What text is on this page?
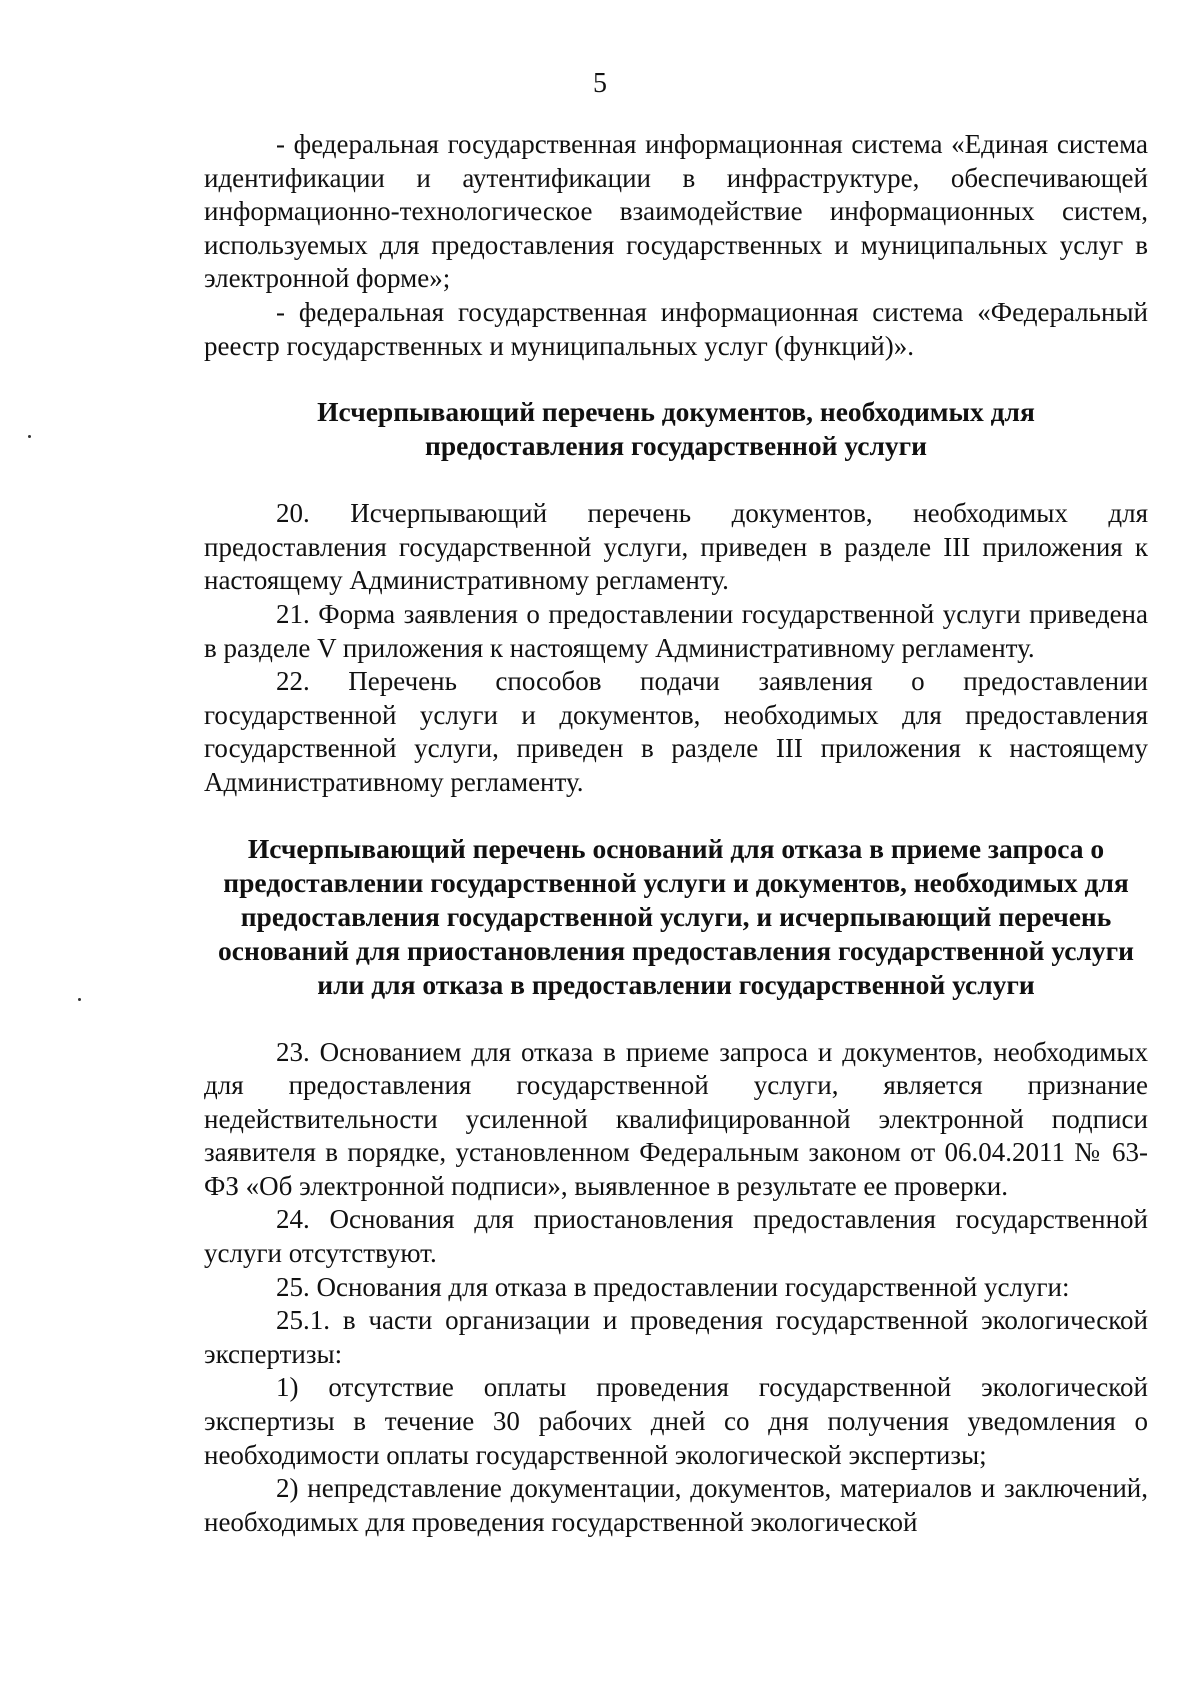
5

- федеральная государственная информационная система «Единая система идентификации и аутентификации в инфраструктуре, обеспечивающей информационно-технологическое взаимодействие информационных систем, используемых для предоставления государственных и муниципальных услуг в электронной форме»;

- федеральная государственная информационная система «Федеральный реестр государственных и муниципальных услуг (функций)».

Исчерпывающий перечень документов, необходимых для предоставления государственной услуги

20. Исчерпывающий перечень документов, необходимых для предоставления государственной услуги, приведен в разделе III приложения к настоящему Административному регламенту.

21. Форма заявления о предоставлении государственной услуги приведена в разделе V приложения к настоящему Административному регламенту.

22. Перечень способов подачи заявления о предоставлении государственной услуги и документов, необходимых для предоставления государственной услуги, приведен в разделе III приложения к настоящему Административному регламенту.

Исчерпывающий перечень оснований для отказа в приеме запроса о предоставлении государственной услуги и документов, необходимых для предоставления государственной услуги, и исчерпывающий перечень оснований для приостановления предоставления государственной услуги или для отказа в предоставлении государственной услуги

23. Основанием для отказа в приеме запроса и документов, необходимых для предоставления государственной услуги, является признание недействительности усиленной квалифицированной электронной подписи заявителя в порядке, установленном Федеральным законом от 06.04.2011 № 63-ФЗ «Об электронной подписи», выявленное в результате ее проверки.

24. Основания для приостановления предоставления государственной услуги отсутствуют.

25. Основания для отказа в предоставлении государственной услуги:

25.1. в части организации и проведения государственной экологической экспертизы:

1) отсутствие оплаты проведения государственной экологической экспертизы в течение 30 рабочих дней со дня получения уведомления о необходимости оплаты государственной экологической экспертизы;

2) непредставление документации, документов, материалов и заключений, необходимых для проведения государственной экологической
